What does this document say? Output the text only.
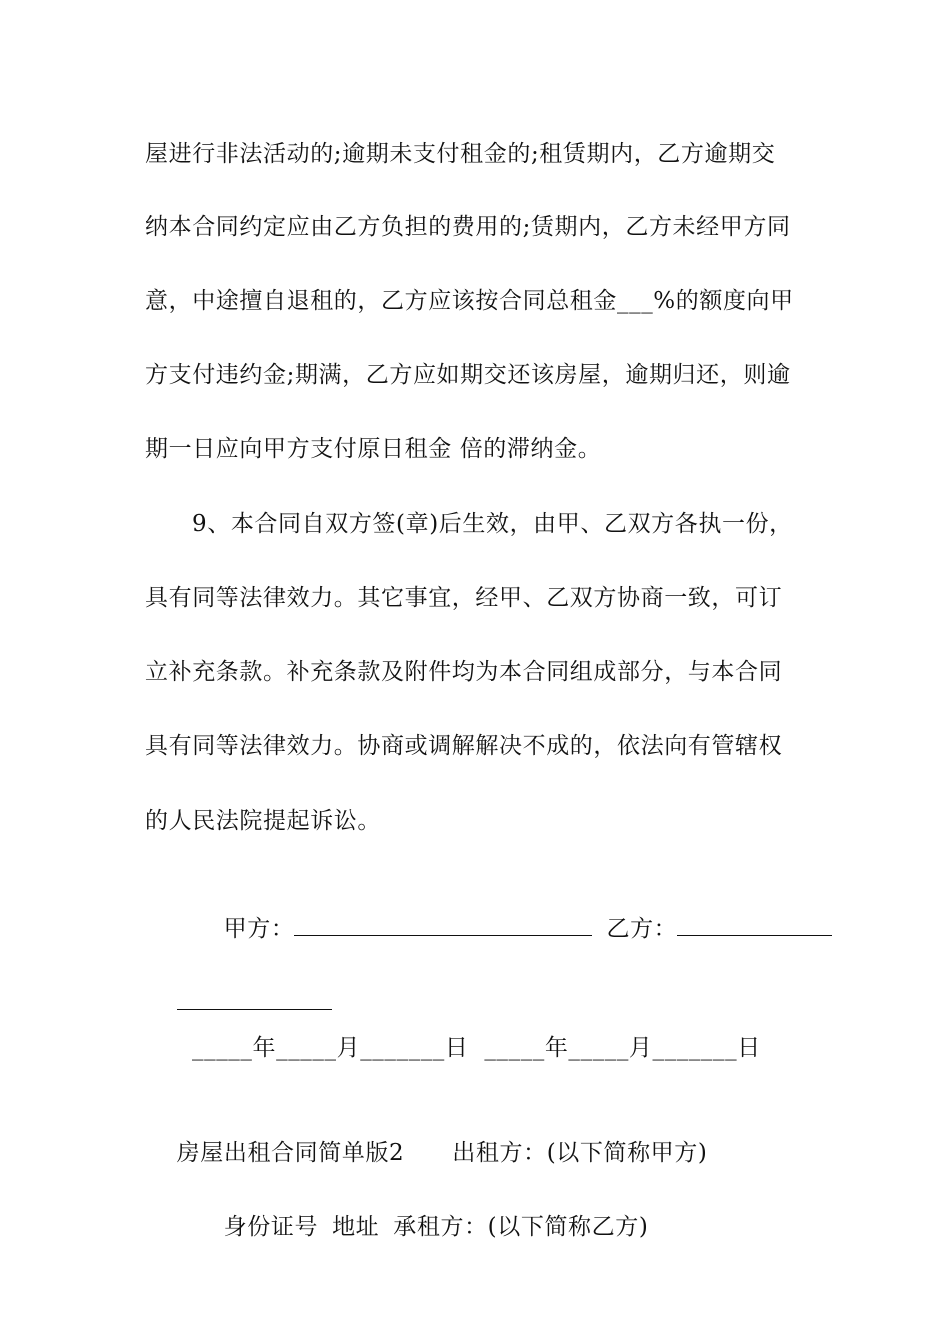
屋进行非法活动的;逾期未支付租金的;租赁期内，乙方逾期交
纳本合同约定应由乙方负担的费用的;赁期内，乙方未经甲方同
意，中途擅自退租的，乙方应该按合同总租金___%的额度向甲
方支付违约金;期满，乙方应如期交还该房屋，逾期归还，则逾
期一日应向甲方支付原日租金 倍的滞纳金。
9、本合同自双方签(章)后生效，由甲、乙双方各执一份，
具有同等法律效力。其它事宜，经甲、乙双方协商一致，可订
立补充条款。补充条款及附件均为本合同组成部分，与本合同
具有同等法律效力。协商或调解解决不成的，依法向有管辖权
的人民法院提起诉讼。

甲方：	乙方：

_____年_____月_______日  _____年_____月_______日

房屋出租合同简单版2 出租方：(以下简称甲方)

身份证号 地址 承租方：(以下简称乙方)
